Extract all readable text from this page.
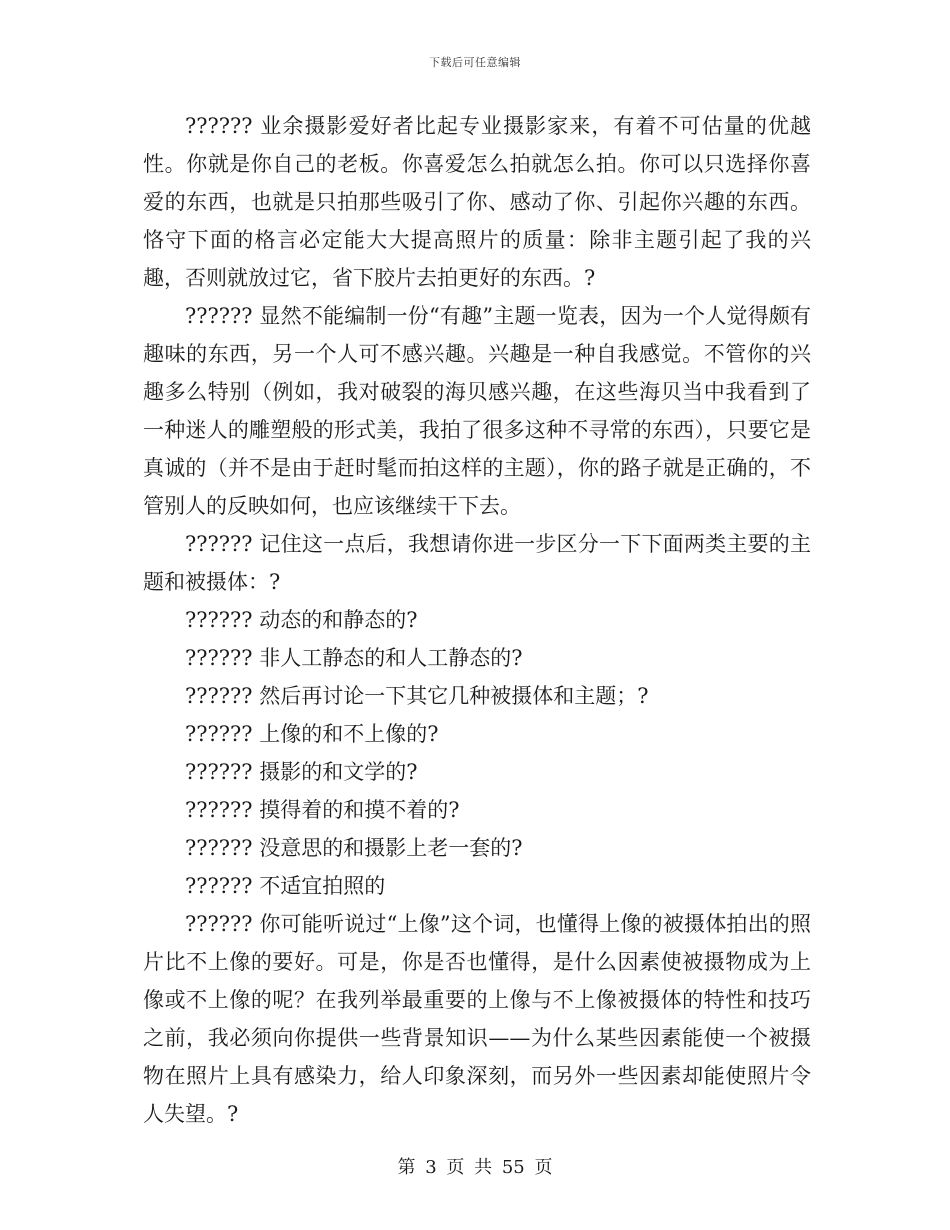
下载后可任意编辑

?????? 业余摄影爱好者比起专业摄影家来，有着不可估量的优越性。你就是你自己的老板。你喜爱怎么拍就怎么拍。你可以只选择你喜爱的东西，也就是只拍那些吸引了你、感动了你、引起你兴趣的东西。恪守下面的格言必定能大大提高照片的质量：除非主题引起了我的兴趣，否则就放过它，省下胶片去拍更好的东西。?

?????? 显然不能编制一份“有趣”主题一览表，因为一个人觉得颇有趣味的东西，另一个人可不感兴趣。兴趣是一种自我感觉。不管你的兴趣多么特别（例如，我对破裂的海贝感兴趣，在这些海贝当中我看到了一种迷人的雕塑般的形式美，我拍了很多这种不寻常的东西），只要它是真诚的（并不是由于赶时髦而拍这样的主题），你的路子就是正确的，不管别人的反映如何，也应该继续干下去。

?????? 记住这一点后，我想请你进一步区分一下下面两类主要的主题和被摄体：?

?????? 动态的和静态的?

?????? 非人工静态的和人工静态的?

?????? 然后再讨论一下其它几种被摄体和主题；?

?????? 上像的和不上像的?

?????? 摄影的和文学的?

?????? 摸得着的和摸不着的?

?????? 没意思的和摄影上老一套的?

?????? 不适宜拍照的

?????? 你可能听说过“上像”这个词，也懂得上像的被摄体拍出的照片比不上像的要好。可是，你是否也懂得，是什么因素使被摄物成为上像或不上像的呢？在我列举最重要的上像与不上像被摄体的特性和技巧之前，我必须向你提供一些背景知识——为什么某些因素能使一个被摄物在照片上具有感染力，给人印象深刻，而另外一些因素却能使照片令人失望。?

第 3 页 共 55 页
